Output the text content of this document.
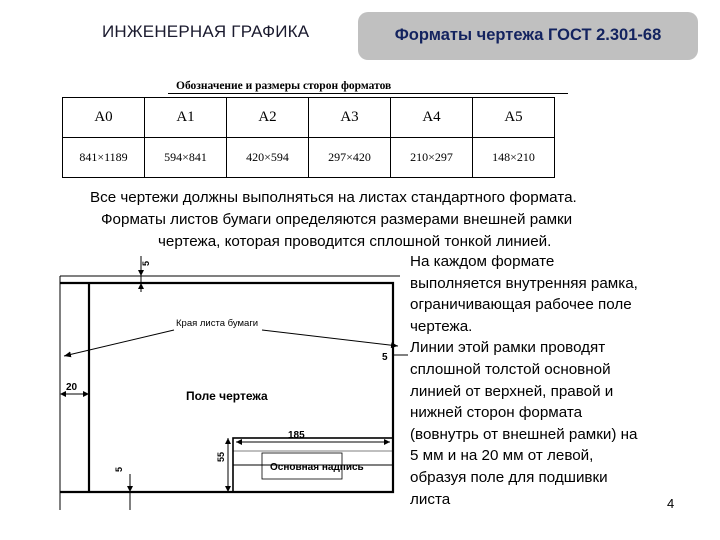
ИНЖЕНЕРНАЯ ГРАФИКА	Форматы чертежа ГОСТ 2.301-68
Обозначение и размеры сторон форматов
А0	А1	А2	А3	А4	А5
841×1189	594×841	420×594	297×420	210×297	148×210
Все чертежи должны выполняться на листах стандартного формата.
Форматы листов бумаги определяются размерами внешней рамки
чертежа, которая проводится сплошной тонкой линией.
Края листа бумаги
Поле чертежа
Основная надпись
5
20
5
5
185
55
На каждом формате
выполняется внутренняя рамка,
ограничивающая рабочее поле
чертежа.
Линии этой рамки проводят
сплошной толстой основной
линией от верхней, правой и
нижней сторон формата
(вовнутрь от внешней рамки) на
5 мм и на 20 мм от левой,
образуя поле для подшивки
листа	4
